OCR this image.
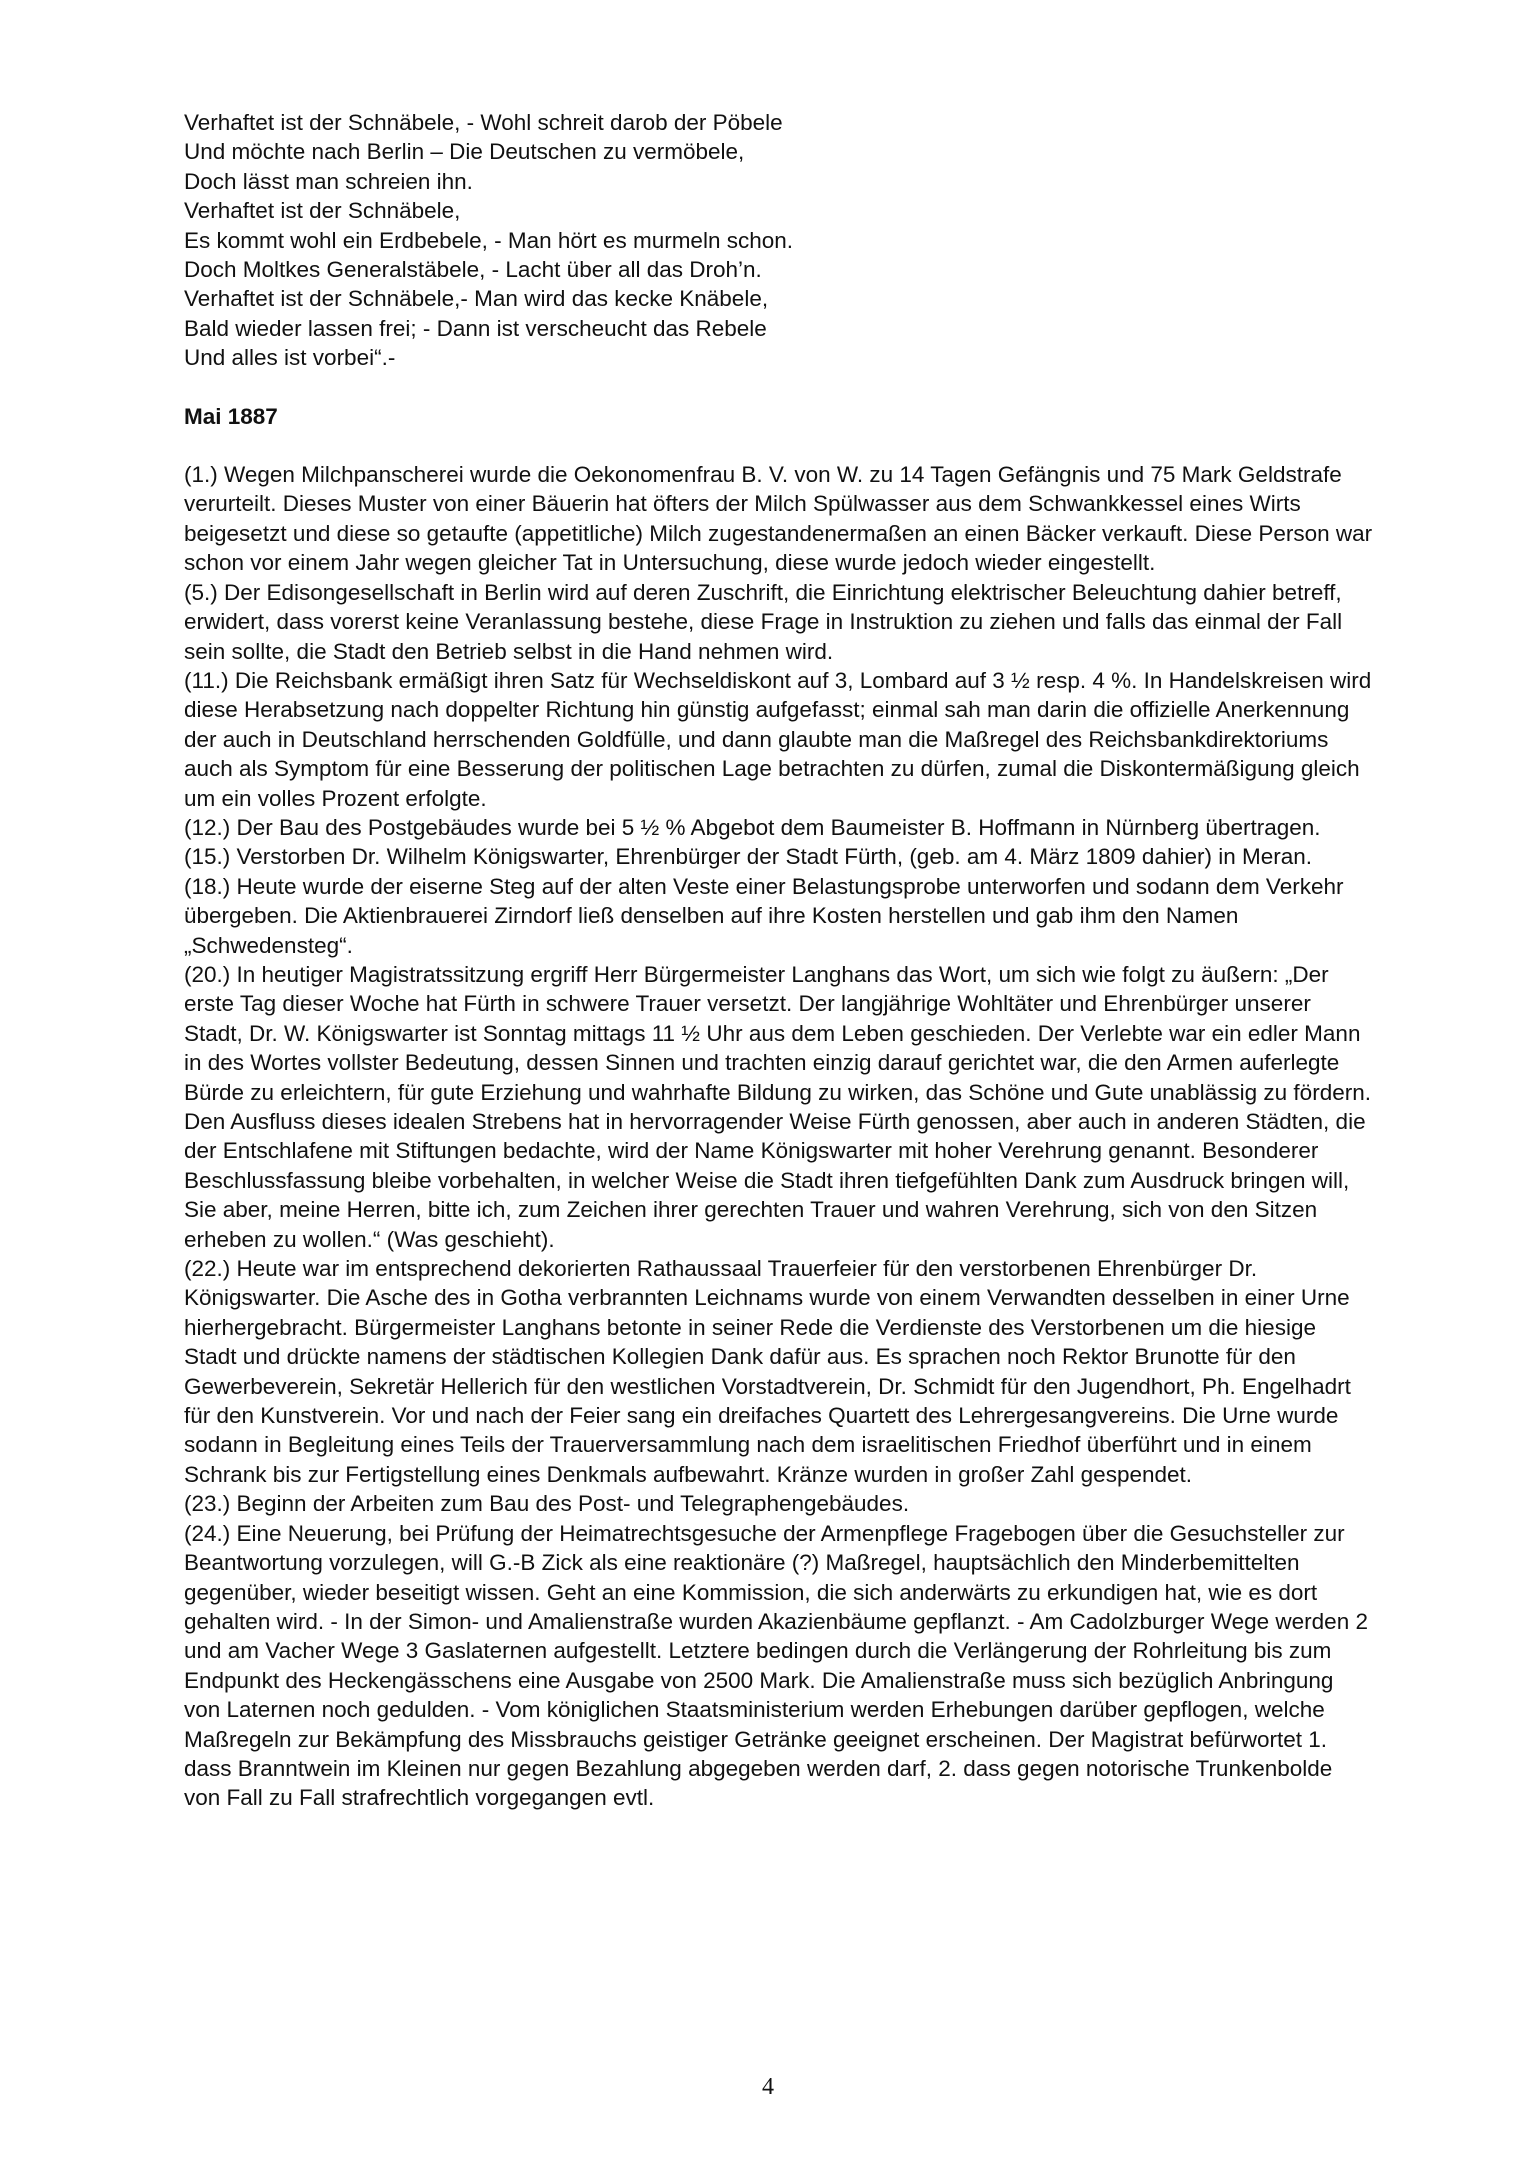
Verhaftet ist der Schnäbele, - Wohl schreit darob der Pöbele
Und möchte nach Berlin – Die Deutschen zu vermöbele,
Doch lässt man schreien ihn.
Verhaftet ist der Schnäbele,
Es kommt wohl ein Erdbebele, - Man hört es murmeln schon.
Doch Moltkes Generalstäbele, - Lacht über all das Droh’n.
Verhaftet ist der Schnäbele,- Man wird das kecke Knäbele,
Bald wieder lassen frei; - Dann ist verscheucht das Rebele
Und alles ist vorbei“.-
Mai 1887

(1.) Wegen Milchpanscherei wurde die Oekonomenfrau B. V. von W. zu 14 Tagen Gefängnis und 75 Mark Geldstrafe verurteilt. Dieses Muster von einer Bäuerin hat öfters der Milch Spülwasser aus dem Schwankkessel eines Wirts beigesetzt und diese so getaufte (appetitliche) Milch zugestandenermaßen an einen Bäcker verkauft. Diese Person war schon vor einem Jahr wegen gleicher Tat in Untersuchung, diese wurde jedoch wieder eingestellt.

(5.) Der Edisongesellschaft in Berlin wird auf deren Zuschrift, die Einrichtung elektrischer Beleuchtung dahier betreff, erwidert, dass vorerst keine Veranlassung bestehe, diese Frage in Instruktion zu ziehen und falls das einmal der Fall sein sollte, die Stadt den Betrieb selbst in die Hand nehmen wird.

(11.) Die Reichsbank ermäßigt ihren Satz für Wechseldiskont auf 3, Lombard auf 3 ½ resp. 4 %. In Handelskreisen wird diese Herabsetzung nach doppelter Richtung hin günstig aufgefasst; einmal sah man darin die offizielle Anerkennung der auch in Deutschland herrschenden Goldfülle, und dann glaubte man die Maßregel des Reichsbankdirektoriums auch als Symptom für eine Besserung der politischen Lage betrachten zu dürfen, zumal die Diskontermäßigung gleich um ein volles Prozent erfolgte.

(12.) Der Bau des Postgebäudes wurde bei 5 ½ % Abgebot dem Baumeister B. Hoffmann in Nürnberg übertragen.

(15.) Verstorben Dr. Wilhelm Königswarter, Ehrenbürger der Stadt Fürth, (geb. am 4. März 1809 dahier) in Meran.

(18.) Heute wurde der eiserne Steg auf der alten Veste einer Belastungsprobe unterworfen und sodann dem Verkehr übergeben. Die Aktienbrauerei Zirndorf ließ denselben auf ihre Kosten herstellen und gab ihm den Namen „Schwedensteg“.

(20.) In heutiger Magistratssitzung ergriff Herr Bürgermeister Langhans das Wort, um sich wie folgt zu äußern: „Der erste Tag dieser Woche hat Fürth in schwere Trauer versetzt. Der langjährige Wohltäter und Ehrenbürger unserer Stadt, Dr. W. Königswarter ist Sonntag mittags 11 ½ Uhr aus dem Leben geschieden. Der Verlebte war ein edler Mann in des Wortes vollster Bedeutung, dessen Sinnen und trachten einzig darauf gerichtet war, die den Armen auferlegte Bürde zu erleichtern, für gute Erziehung und wahrhafte Bildung zu wirken, das Schöne und Gute unablässig zu fördern. Den Ausfluss dieses idealen Strebens hat in hervorragender Weise Fürth genossen, aber auch in anderen Städten, die der Entschlafene mit Stiftungen bedachte, wird der Name Königswarter mit hoher Verehrung genannt. Besonderer Beschlussfassung bleibe vorbehalten, in welcher Weise die Stadt ihren tiefgefühlten Dank zum Ausdruck bringen will, Sie aber, meine Herren, bitte ich, zum Zeichen ihrer gerechten Trauer und wahren Verehrung, sich von den Sitzen erheben zu wollen.“ (Was geschieht).

(22.) Heute war im entsprechend dekorierten Rathaussaal Trauerfeier für den verstorbenen Ehrenbürger Dr. Königswarter. Die Asche des in Gotha verbrannten Leichnams wurde von einem Verwandten desselben in einer Urne hierhergebracht. Bürgermeister Langhans betonte in seiner Rede die Verdienste des Verstorbenen um die hiesige Stadt und drückte namens der städtischen Kollegien Dank dafür aus. Es sprachen noch Rektor Brunotte für den Gewerbeverein, Sekretär Hellerich für den westlichen Vorstadtverein, Dr. Schmidt für den Jugendhort, Ph. Engelhadrt für den Kunstverein. Vor und nach der Feier sang ein dreifaches Quartett des Lehrergesangvereins. Die Urne wurde sodann in Begleitung eines Teils der Trauerversammlung nach dem israelitischen Friedhof überführt und in einem Schrank bis zur Fertigstellung eines Denkmals aufbewahrt. Kränze wurden in großer Zahl gespendet.

(23.) Beginn der Arbeiten zum Bau des Post- und Telegraphengebäudes.

(24.) Eine Neuerung, bei Prüfung der Heimatrechtsgesuche der Armenpflege Fragebogen über die Gesuchsteller zur Beantwortung vorzulegen, will G.-B Zick als eine reaktionäre (?) Maßregel, hauptsächlich den Minderbemittelten gegenüber, wieder beseitigt wissen. Geht an eine Kommission, die sich anderwärts zu erkundigen hat, wie es dort gehalten wird. - In der Simon- und Amalienstraße wurden Akazienbäume gepflanzt. - Am Cadolzburger Wege werden 2 und am Vacher Wege 3 Gaslaternen aufgestellt. Letztere bedingen durch die Verlängerung der Rohrleitung bis zum Endpunkt des Heckengässchens eine Ausgabe von 2500 Mark. Die Amalienstraße muss sich bezüglich Anbringung von Laternen noch gedulden. - Vom königlichen Staatsministerium werden Erhebungen darüber gepflogen, welche Maßregeln zur Bekämpfung des Missbrauchs geistiger Getränke geeignet erscheinen. Der Magistrat befürwortet 1. dass Branntwein im Kleinen nur gegen Bezahlung abgegeben werden darf, 2. dass gegen notorische Trunkenbolde von Fall zu Fall strafrechtlich vorgegangen evtl.

4
